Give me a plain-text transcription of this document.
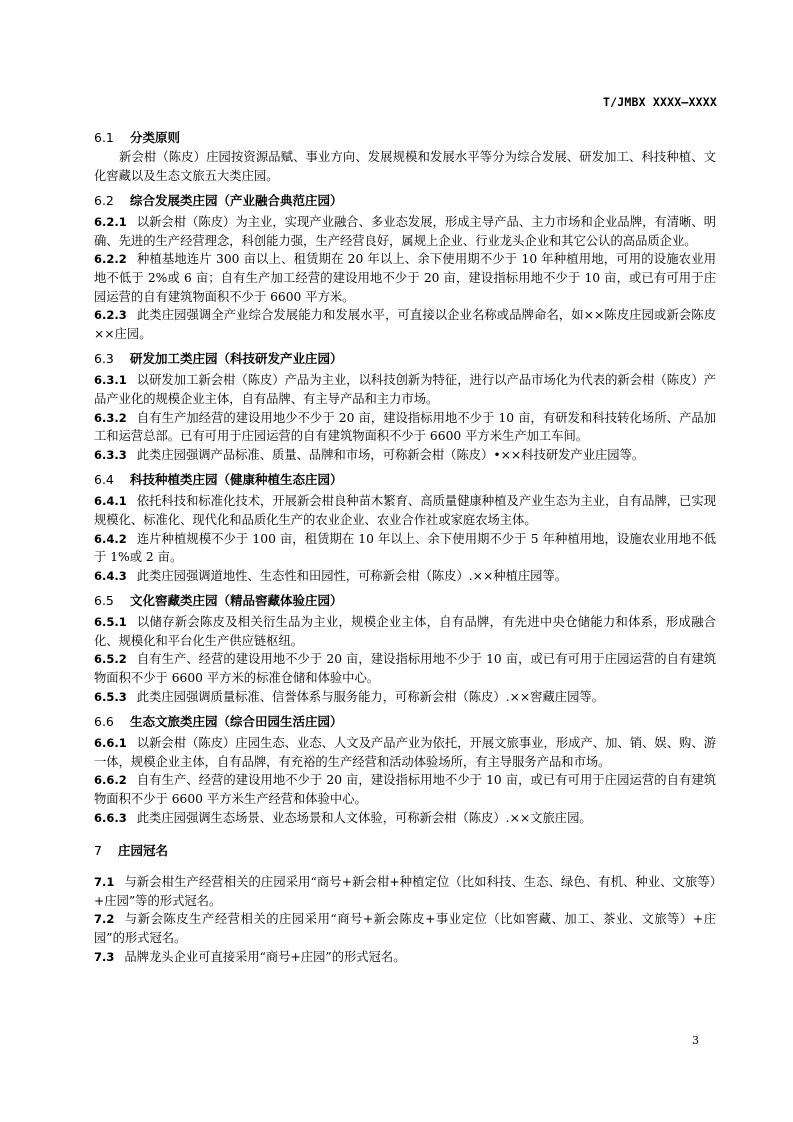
T/JMBX XXXX—XXXX
6.1 分类原则
新会柑（陈皮）庄园按资源品赋、事业方向、发展规模和发展水平等分为综合发展、研发加工、科技种植、文化窖藏以及生态文旅五大类庄园。
6.2 综合发展类庄园（产业融合典范庄园）
6.2.1 以新会柑（陈皮）为主业，实现产业融合、多业态发展，形成主导产品、主力市场和企业品牌，有清晰、明确、先进的生产经营理念，科创能力强，生产经营良好，属规上企业、行业龙头企业和其它公认的高品质企业。
6.2.2 种植基地连片 300 亩以上、租赁期在 20 年以上、余下使用期不少于 10 年种植用地，可用的设施农业用地不低于 2%或 6 亩；自有生产加工经营的建设用地不少于 20 亩，建设指标用地不少于 10 亩，或已有可用于庄园运营的自有建筑物面积不少于 6600 平方米。
6.2.3 此类庄园强调全产业综合发展能力和发展水平，可直接以企业名称或品牌命名，如××陈皮庄园或新会陈皮××庄园。
6.3 研发加工类庄园（科技研发产业庄园）
6.3.1 以研发加工新会柑（陈皮）产品为主业，以科技创新为特征，进行以产品市场化为代表的新会柑（陈皮）产品产业化的规模企业主体，自有品牌、有主导产品和主力市场。
6.3.2 自有生产加经营的建设用地少不少于 20 亩，建设指标用地不少于 10 亩，有研发和科技转化场所、产品加工和运营总部。已有可用于庄园运营的自有建筑物面积不少于 6600 平方米生产加工车间。
6.3.3 此类庄园强调产品标准、质量、品牌和市场，可称新会柑（陈皮）•××科技研发产业庄园等。
6.4 科技种植类庄园（健康种植生态庄园）
6.4.1 依托科技和标准化技术，开展新会柑良种苗木繁育、高质量健康种植及产业生态为主业，自有品牌，已实现规模化、标准化、现代化和品质化生产的农业企业、农业合作社或家庭农场主体。
6.4.2 连片种植规模不少于 100 亩，租赁期在 10 年以上、余下使用期不少于 5 年种植用地，设施农业用地不低于 1%或 2 亩。
6.4.3 此类庄园强调道地性、生态性和田园性，可称新会柑（陈皮）.××种植庄园等。
6.5 文化窖藏类庄园（精品窖藏体验庄园）
6.5.1 以储存新会陈皮及相关衍生品为主业，规模企业主体，自有品牌，有先进中央仓储能力和体系，形成融合化、规模化和平台化生产供应链枢纽。
6.5.2 自有生产、经营的建设用地不少于 20 亩，建设指标用地不少于 10 亩，或已有可用于庄园运营的自有建筑物面积不少于 6600 平方米的标准仓储和体验中心。
6.5.3 此类庄园强调质量标准、信誉体系与服务能力，可称新会柑（陈皮）.××窖藏庄园等。
6.6 生态文旅类庄园（综合田园生活庄园）
6.6.1 以新会柑（陈皮）庄园生态、业态、人文及产品产业为依托，开展文旅事业，形成产、加、销、娱、购、游一体，规模企业主体，自有品牌，有充裕的生产经营和活动体验场所，有主导服务产品和市场。
6.6.2 自有生产、经营的建设用地不少于 20 亩，建设指标用地不少于 10 亩，或已有可用于庄园运营的自有建筑物面积不少于 6600 平方米生产经营和体验中心。
6.6.3 此类庄园强调生态场景、业态场景和人文体验，可称新会柑（陈皮）.××文旅庄园。
7 庄园冠名
7.1 与新会柑生产经营相关的庄园采用“商号+新会柑+种植定位（比如科技、生态、绿色、有机、种业、文旅等）+庄园”等的形式冠名。
7.2 与新会陈皮生产经营相关的庄园采用“商号+新会陈皮+事业定位（比如窖藏、加工、茶业、文旅等）+庄园”的形式冠名。
7.3 品牌龙头企业可直接采用“商号+庄园”的形式冠名。
3
